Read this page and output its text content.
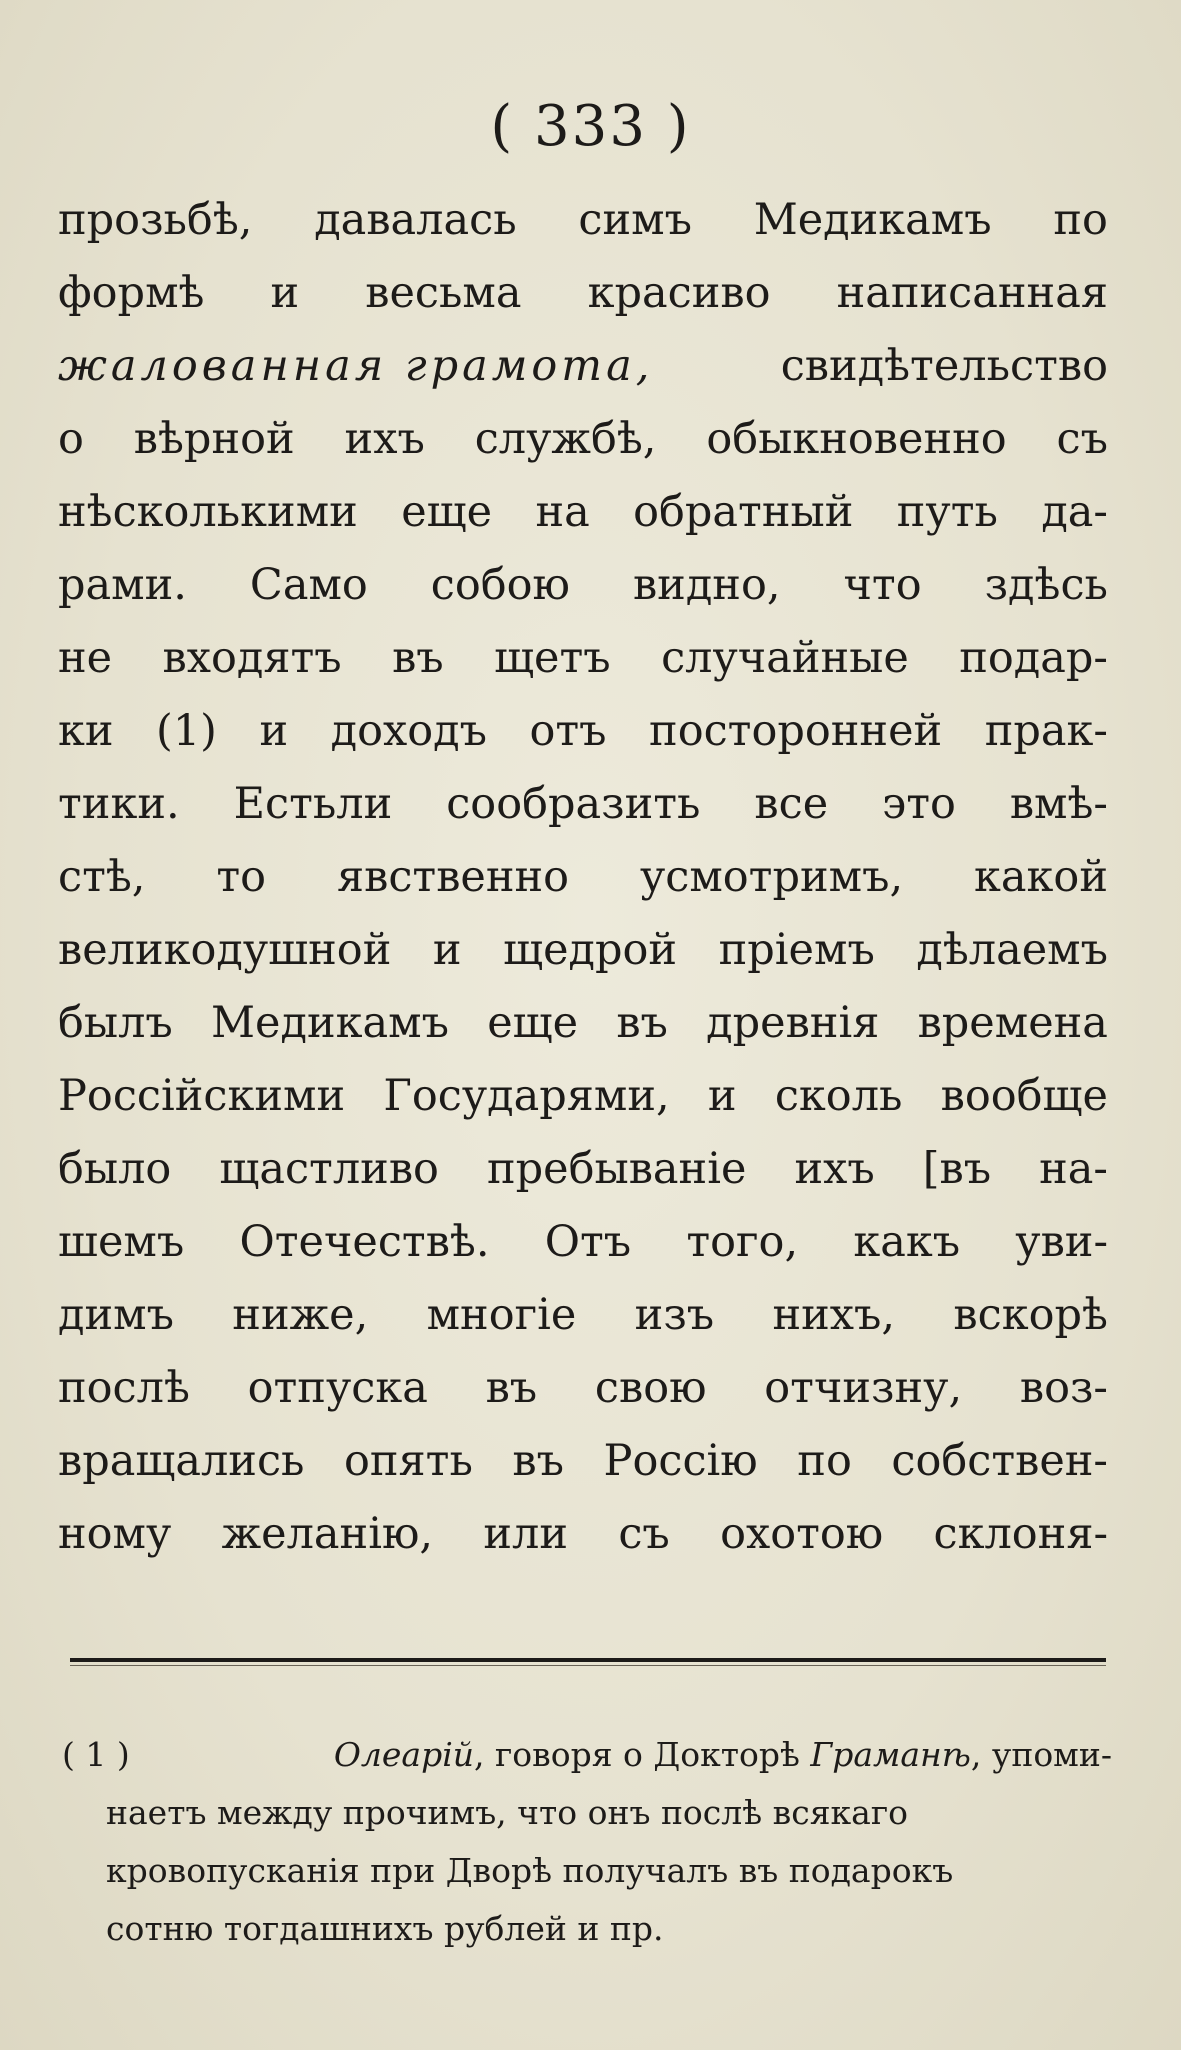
( 333 )
прозьбѣ, давалась симъ Медикамъ по
формѣ и весьма красиво написанная
жалованная грамота,	свидѣтельство
о вѣрной ихъ службѣ, обыкновенно съ
нѣсколькими еще на обратный путь да-
рами. Само собою видно, что здѣсь
не входятъ въ щетъ случайные подар-
ки (1) и доходъ отъ посторонней прак-
тики. Естьли сообразить все это вмѣ-
стѣ, то явственно усмотримъ, какой
великодушной и щедрой пріемъ дѣлаемъ
былъ Медикамъ еще въ древнія времена
Россійскими Государями, и сколь вообще
было щастливо пребываніе ихъ [въ на-
шемъ Отечествѣ. Отъ того, какъ уви-
димъ ниже, многіе изъ нихъ, вскорѣ
послѣ отпуска въ свою отчизну, воз-
вращались опять въ Россію по собствен-
ному желанію, или съ охотою склоня-
( 1 )	Олеарій, говоря о Докторѣ Граманѣ, упоми-
наетъ между прочимъ, что онъ послѣ всякаго
кровопусканія при Дворѣ получалъ въ подарокъ
сотню тогдашнихъ рублей и пр.
